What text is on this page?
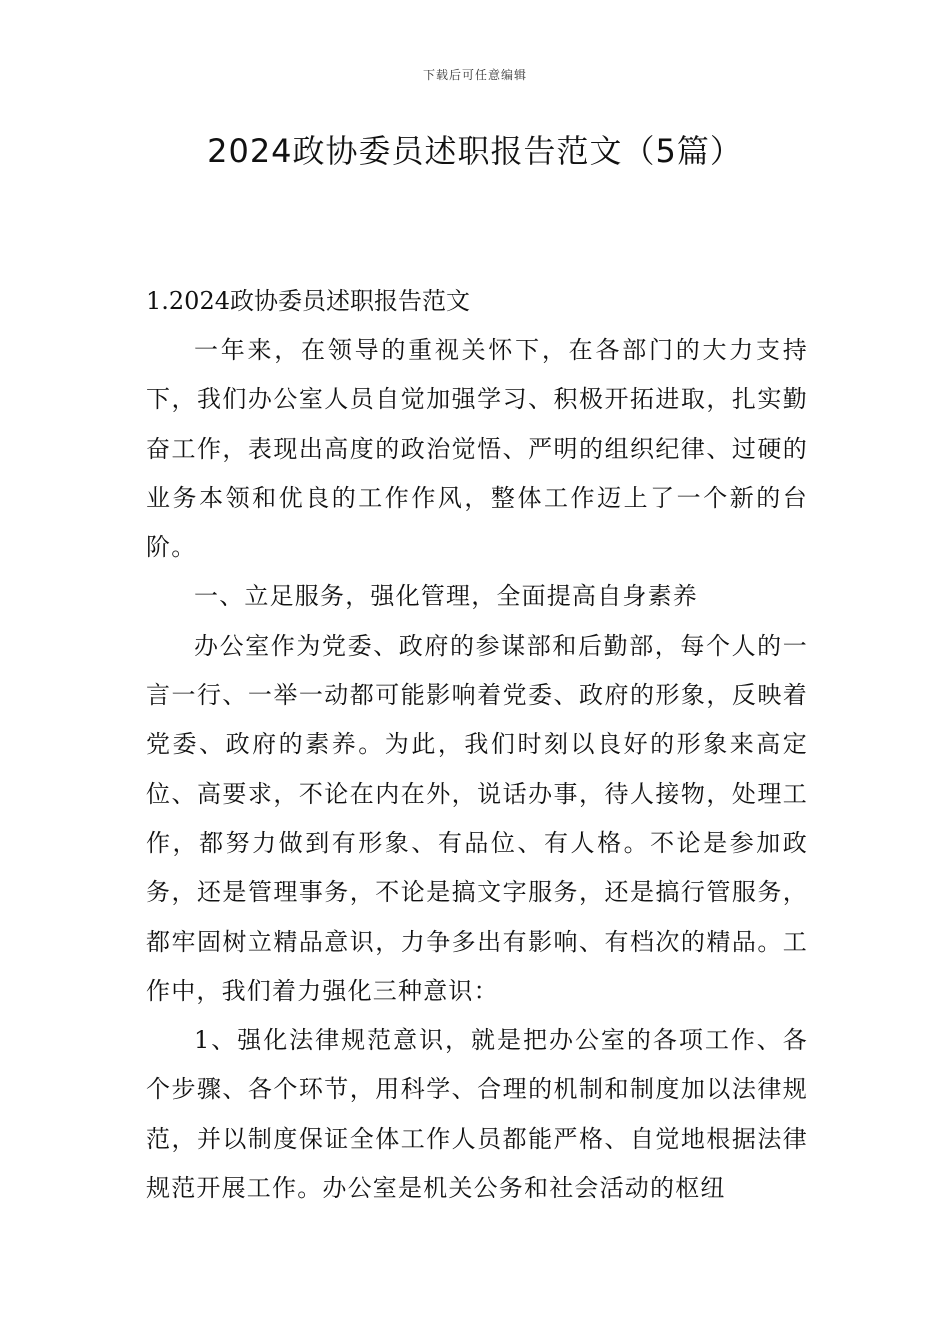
下载后可任意编辑
2024政协委员述职报告范文（5篇）

1.2024政协委员述职报告范文

一年来，在领导的重视关怀下，在各部门的大力支持下，我们办公室人员自觉加强学习、积极开拓进取，扎实勤奋工作，表现出高度的政治觉悟、严明的组织纪律、过硬的业务本领和优良的工作作风，整体工作迈上了一个新的台阶。

一、立足服务，强化管理，全面提高自身素养

办公室作为党委、政府的参谋部和后勤部，每个人的一言一行、一举一动都可能影响着党委、政府的形象，反映着党委、政府的素养。为此，我们时刻以良好的形象来高定位、高要求，不论在内在外，说话办事，待人接物，处理工作，都努力做到有形象、有品位、有人格。不论是参加政务，还是管理事务，不论是搞文字服务，还是搞行管服务，都牢固树立精品意识，力争多出有影响、有档次的精品。工作中，我们着力强化三种意识：

1、强化法律规范意识，就是把办公室的各项工作、各个步骤、各个环节，用科学、合理的机制和制度加以法律规范，并以制度保证全体工作人员都能严格、自觉地根据法律规范开展工作。办公室是机关公务和社会活动的枢纽
